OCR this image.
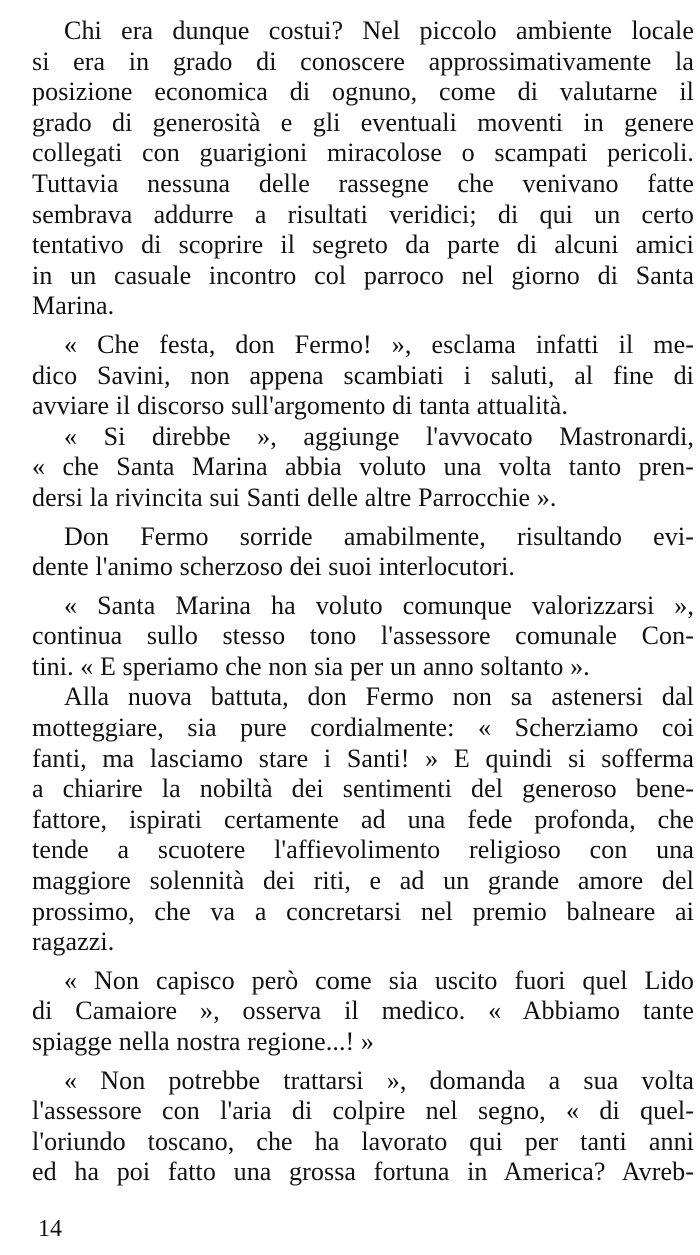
Chi era dunque costui? Nel piccolo ambiente locale
si era in grado di conoscere approssimativamente la
posizione economica di ognuno, come di valutarne il
grado di generosità e gli eventuali moventi in genere
collegati con guarigioni miracolose o scampati pericoli.
Tuttavia nessuna delle rassegne che venivano fatte
sembrava addurre a risultati veridici; di qui un certo
tentativo di scoprire il segreto da parte di alcuni amici
in un casuale incontro col parroco nel giorno di Santa
Marina.

« Che festa, don Fermo! », esclama infatti il me-
dico Savini, non appena scambiati i saluti, al fine di
avviare il discorso sull'argomento di tanta attualità.

« Si direbbe », aggiunge l'avvocato Mastronardi,
« che Santa Marina abbia voluto una volta tanto pren-
dersi la rivincita sui Santi delle altre Parrocchie ».

Don Fermo sorride amabilmente, risultando evi-
dente l'animo scherzoso dei suoi interlocutori.

« Santa Marina ha voluto comunque valorizzarsi »,
continua sullo stesso tono l'assessore comunale Con-
tini. « E speriamo che non sia per un anno soltanto ».

Alla nuova battuta, don Fermo non sa astenersi dal
motteggiare, sia pure cordialmente: « Scherziamo coi
fanti, ma lasciamo stare i Santi! » E quindi si sofferma
a chiarire la nobiltà dei sentimenti del generoso bene-
fattore, ispirati certamente ad una fede profonda, che
tende a scuotere l'affievolimento religioso con una
maggiore solennità dei riti, e ad un grande amore del
prossimo, che va a concretarsi nel premio balneare ai
ragazzi.

« Non capisco però come sia uscito fuori quel Lido
di Camaiore », osserva il medico. « Abbiamo tante
spiagge nella nostra regione...! »

« Non potrebbe trattarsi », domanda a sua volta
l'assessore con l'aria di colpire nel segno, « di quel-
l'oriundo toscano, che ha lavorato qui per tanti anni
ed ha poi fatto una grossa fortuna in America? Avreb-

14
